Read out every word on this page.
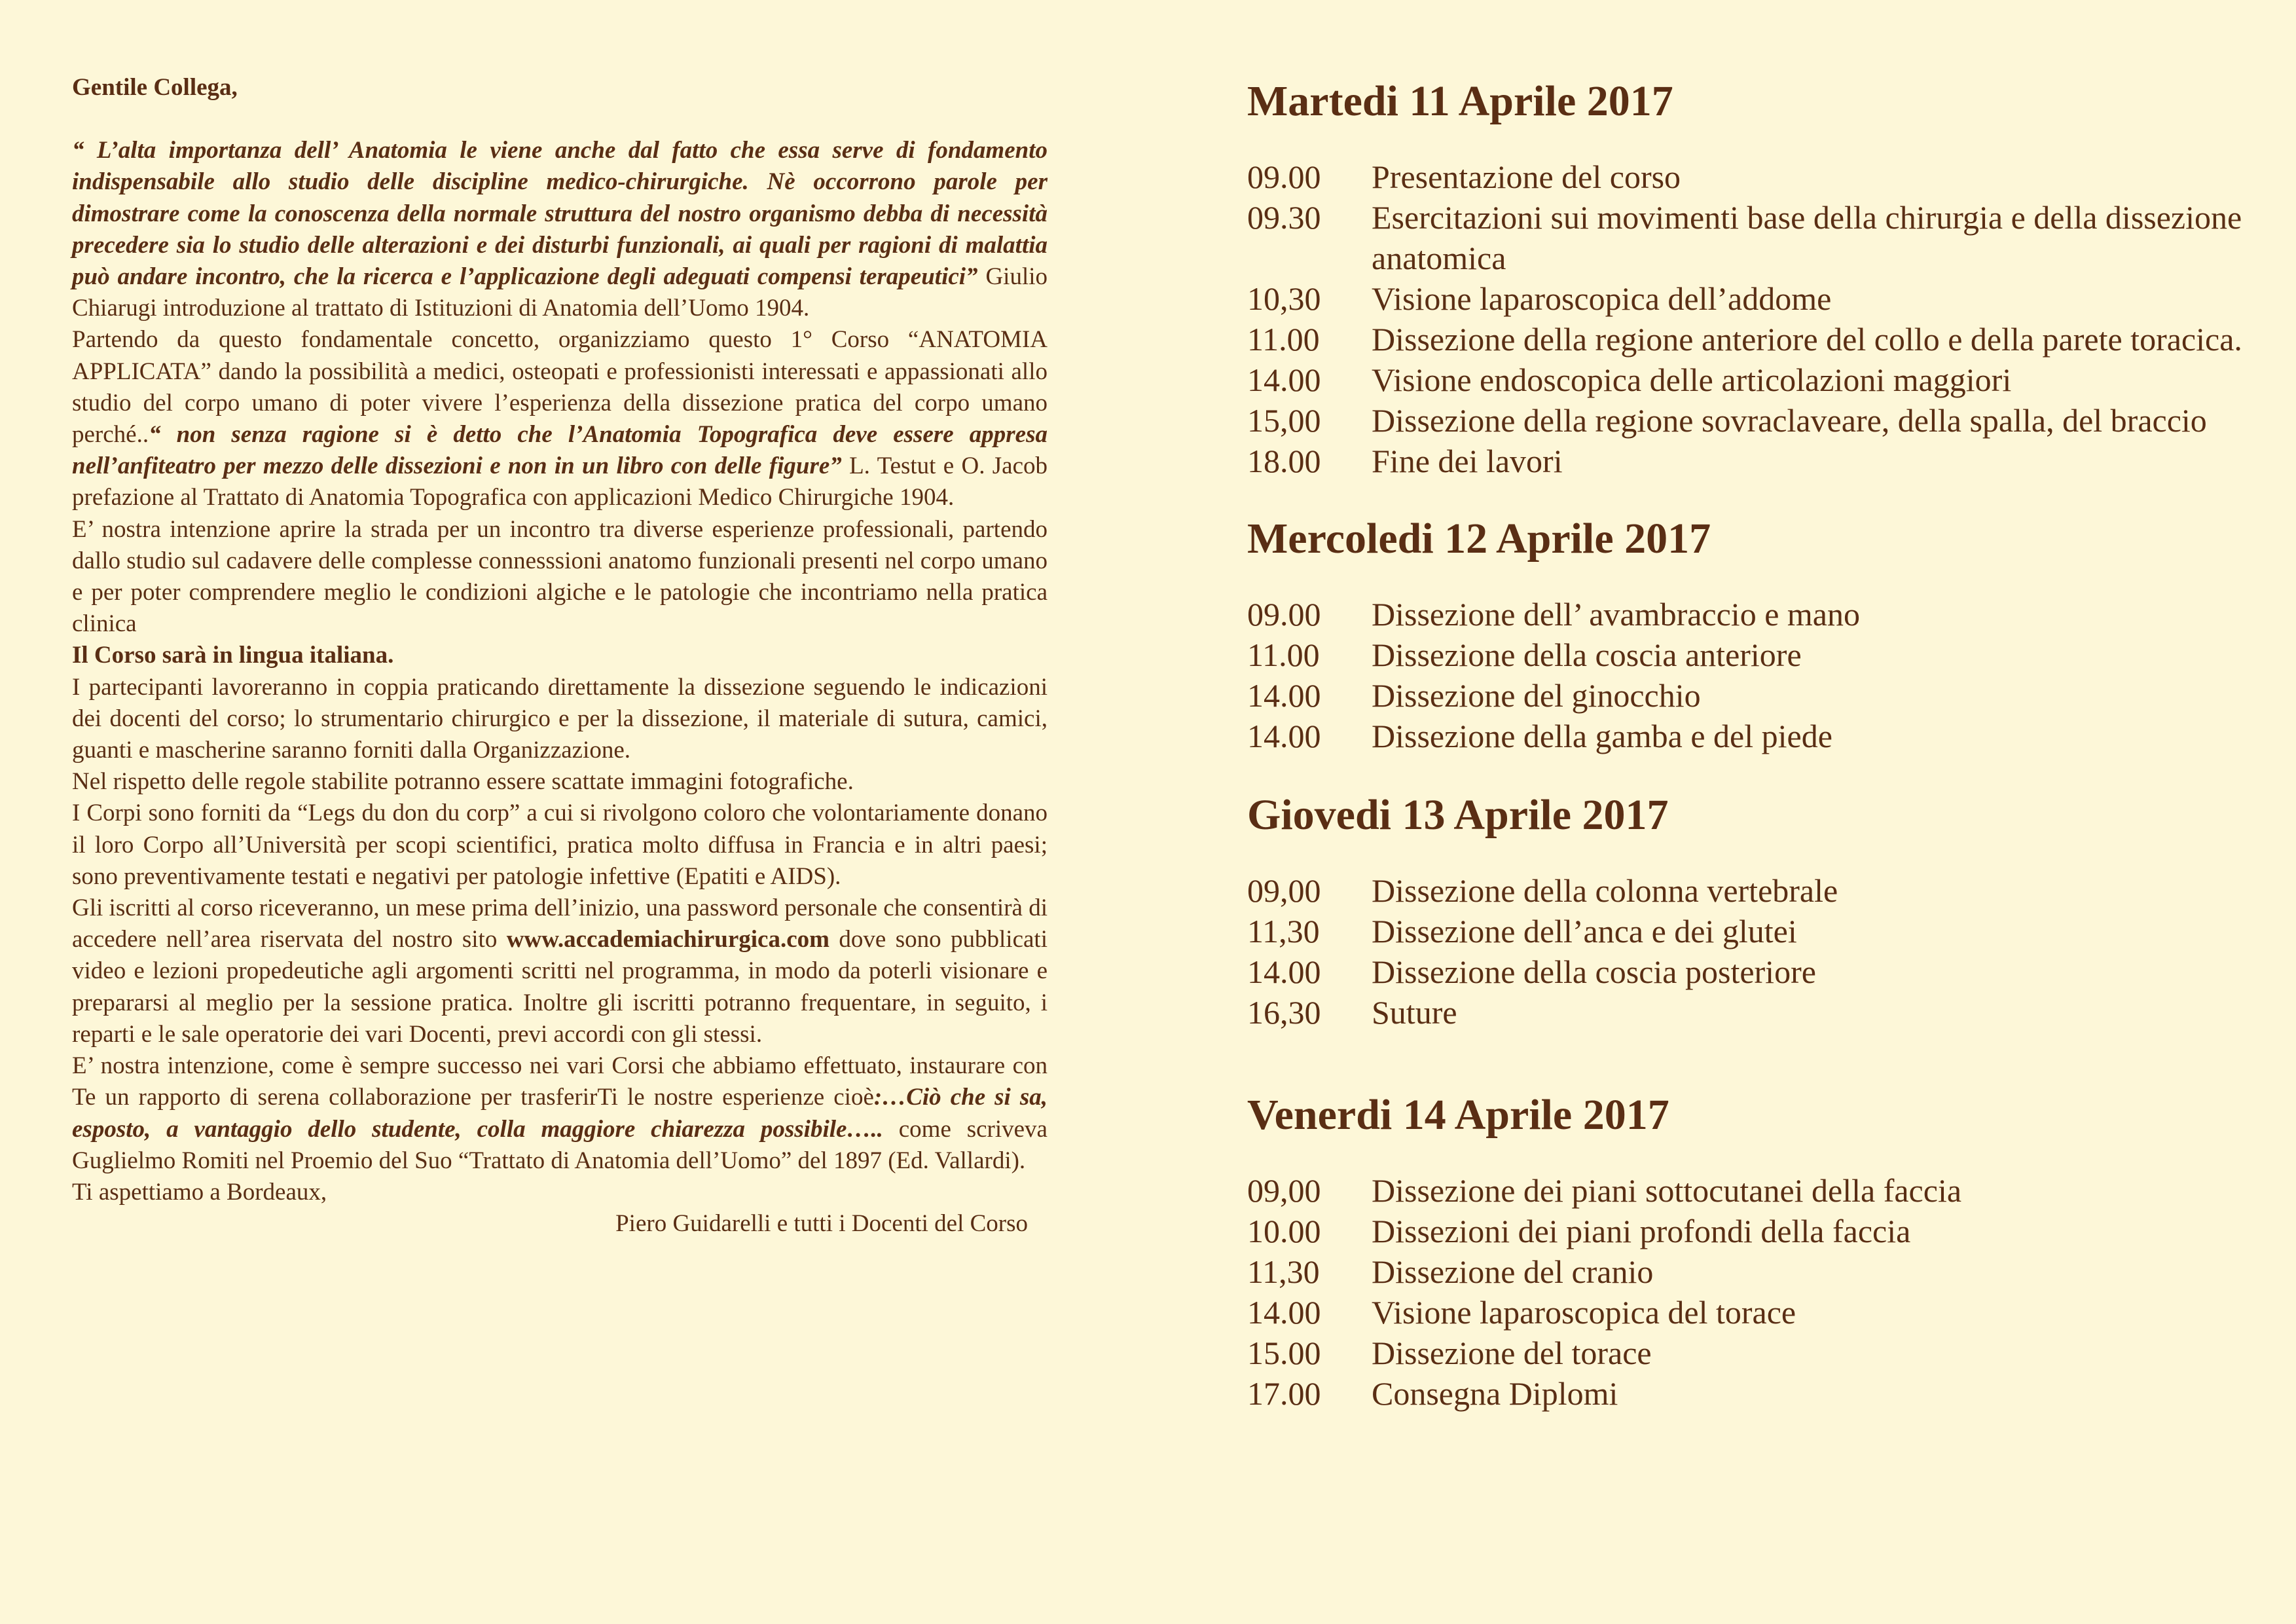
Gentile Collega,

“ L’alta importanza dell’ Anatomia le viene anche dal fatto che essa serve di fondamento indispensabile allo studio delle discipline medico-chirurgiche. Nè occorrono parole per dimostrare come la conoscenza della normale struttura del nostro organismo debba di necessità precedere sia lo studio delle alterazioni e dei disturbi funzionali, ai quali per ragioni di malattia può andare incontro, che la ricerca e l’applicazione degli adeguati compensi terapeutici” Giulio Chiarugi introduzione al trattato di Istituzioni di Anatomia dell’Uomo 1904.

Partendo da questo fondamentale concetto, organizziamo questo 1° Corso “ANATOMIA APPLICATA” dando la possibilità a medici, osteopati e professionisti interessati e appassionati allo studio del corpo umano di poter vivere l’esperienza della dissezione pratica del corpo umano perché..“ non senza ragione si è detto che l’Anatomia Topografica deve essere appresa nell’anfiteatro per mezzo delle dissezioni e non in un libro con delle figure” L. Testut e O. Jacob prefazione al Trattato di Anatomia Topografica con applicazioni Medico Chirurgiche 1904.

E’ nostra intenzione aprire la strada per un incontro tra diverse esperienze professionali, partendo dallo studio sul cadavere delle complesse connesssioni anatomo funzionali presenti nel corpo umano e per poter comprendere meglio le condizioni algiche e le patologie che incontriamo nella pratica clinica

Il Corso sarà in lingua italiana.

I partecipanti lavoreranno in coppia praticando direttamente la dissezione seguendo le indicazioni dei docenti del corso; lo strumentario chirurgico e per la dissezione, il materiale di sutura, camici, guanti e mascherine saranno forniti dalla Organizzazione.

Nel rispetto delle regole stabilite potranno essere scattate immagini fotografiche.

I Corpi sono forniti da “Legs du don du corp” a cui si rivolgono coloro che volontariamente donano il loro Corpo all’Università per scopi scientifici, pratica molto diffusa in Francia e in altri paesi; sono preventivamente testati e negativi per patologie infettive (Epatiti e AIDS).

Gli iscritti al corso riceveranno, un mese prima dell’inizio, una password personale che consentirà di accedere nell’area riservata del nostro sito www.accademiachirurgica.com dove sono pubblicati video e lezioni propedeutiche agli argomenti scritti nel programma, in modo da poterli visionare e prepararsi al meglio per la sessione pratica. Inoltre gli iscritti potranno frequentare, in seguito, i reparti e le sale operatorie dei vari Docenti, previ accordi con gli stessi.

E’ nostra intenzione, come è sempre successo nei vari Corsi che abbiamo effettuato, instaurare con Te un rapporto di serena collaborazione per trasferirTi le nostre esperienze cioè:…Ciò che si sa, esposto, a vantaggio dello studente, colla maggiore chiarezza possibile….. come scriveva Guglielmo Romiti nel Proemio del Suo “Trattato di Anatomia dell’Uomo” del 1897 (Ed. Vallardi).

Ti aspettiamo a Bordeaux,

Piero Guidarelli e tutti i Docenti del Corso

Martedi 11 Aprile 2017
09.00	Presentazione del corso
09.30	Esercitazioni sui movimenti base della chirurgia e della dissezione anatomica
10,30	Visione laparoscopica dell’addome
11.00	Dissezione della regione anteriore del collo e della parete toracica.
14.00	Visione endoscopica delle articolazioni maggiori
15,00	Dissezione della regione sovraclaveare, della spalla, del braccio
18.00	Fine dei lavori
Mercoledi 12 Aprile 2017
09.00	Dissezione dell’ avambraccio e mano
11.00	Dissezione della coscia anteriore
14.00	Dissezione del ginocchio
14.00	Dissezione della gamba e del piede
Giovedi 13 Aprile 2017
09,00	Dissezione della colonna vertebrale
11,30	Dissezione dell’anca e dei glutei
14.00	Dissezione della coscia posteriore
16,30	Suture
Venerdi 14 Aprile 2017
09,00	Dissezione dei piani sottocutanei della faccia
10.00	Dissezioni dei piani profondi della faccia
11,30	Dissezione del cranio
14.00	Visione laparoscopica del torace
15.00	Dissezione del torace
17.00	Consegna Diplomi
